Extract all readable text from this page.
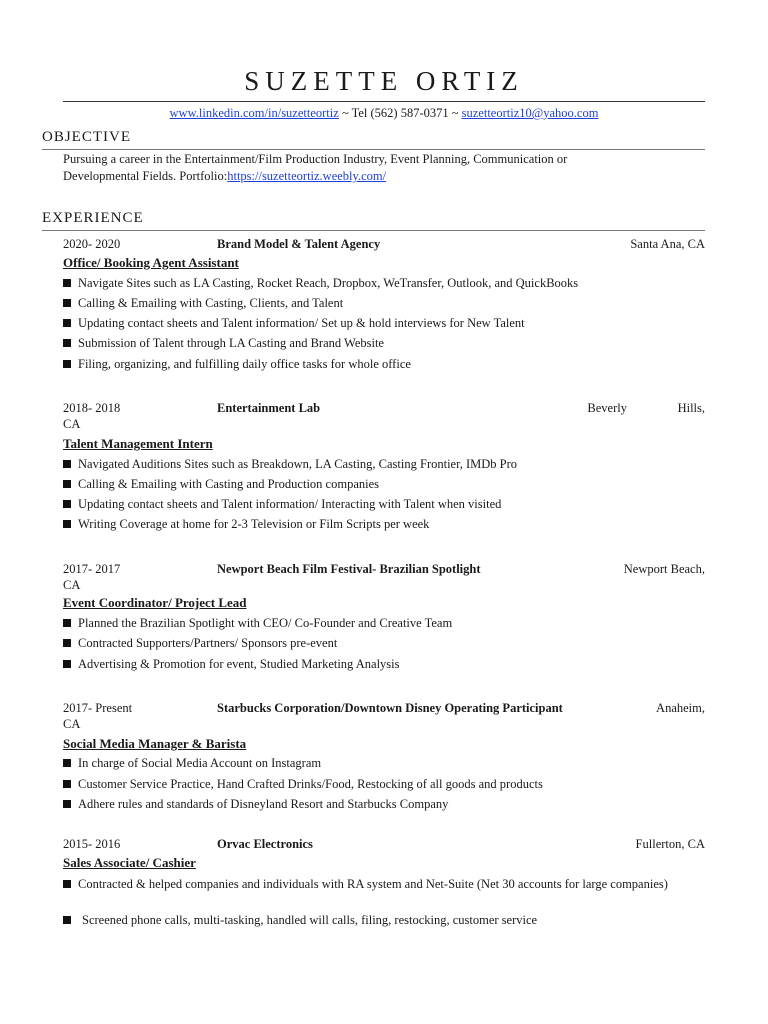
SUZETTE ORTIZ
www.linkedin.com/in/suzetteortiz ~ Tel (562) 587-0371 ~ suzetteortiz10@yahoo.com
OBJECTIVE
Pursuing a career in the Entertainment/Film Production Industry, Event Planning, Communication or
Developmental Fields. Portfolio:https://suzetteortiz.weebly.com/
EXPERIENCE
2020- 2020	Brand Model & Talent Agency	Santa Ana, CA
Office/ Booking Agent Assistant
Navigate Sites such as LA Casting, Rocket Reach, Dropbox, WeTransfer, Outlook, and QuickBooks
Calling & Emailing with Casting, Clients, and Talent
Updating contact sheets and Talent information/ Set up & hold interviews for New Talent
Submission of Talent through LA Casting and Brand Website
Filing, organizing, and fulfilling daily office tasks for whole office
2018- 2018	Entertainment Lab	Beverly	Hills,
CA
Talent Management Intern
Navigated Auditions Sites such as Breakdown, LA Casting, Casting Frontier, IMDb Pro
Calling & Emailing with Casting and Production companies
Updating contact sheets and Talent information/ Interacting with Talent when visited
Writing Coverage at home for 2-3 Television or Film Scripts per week
2017- 2017	Newport Beach Film Festival- Brazilian Spotlight	Newport Beach,
CA
Event Coordinator/ Project Lead
Planned the Brazilian Spotlight with CEO/ Co-Founder and Creative Team
Contracted Supporters/Partners/ Sponsors pre-event
Advertising & Promotion for event, Studied Marketing Analysis
2017- Present	Starbucks Corporation/Downtown Disney Operating Participant	Anaheim,
CA
Social Media Manager & Barista
In charge of Social Media Account on Instagram
Customer Service Practice, Hand Crafted Drinks/Food, Restocking of all goods and products
Adhere rules and standards of Disneyland Resort and Starbucks Company
2015- 2016	Orvac Electronics	Fullerton, CA
Sales Associate/ Cashier
Contracted & helped companies and individuals with RA system and Net-Suite (Net 30 accounts for large companies)
Screened phone calls, multi-tasking, handled will calls, filing, restocking, customer service
